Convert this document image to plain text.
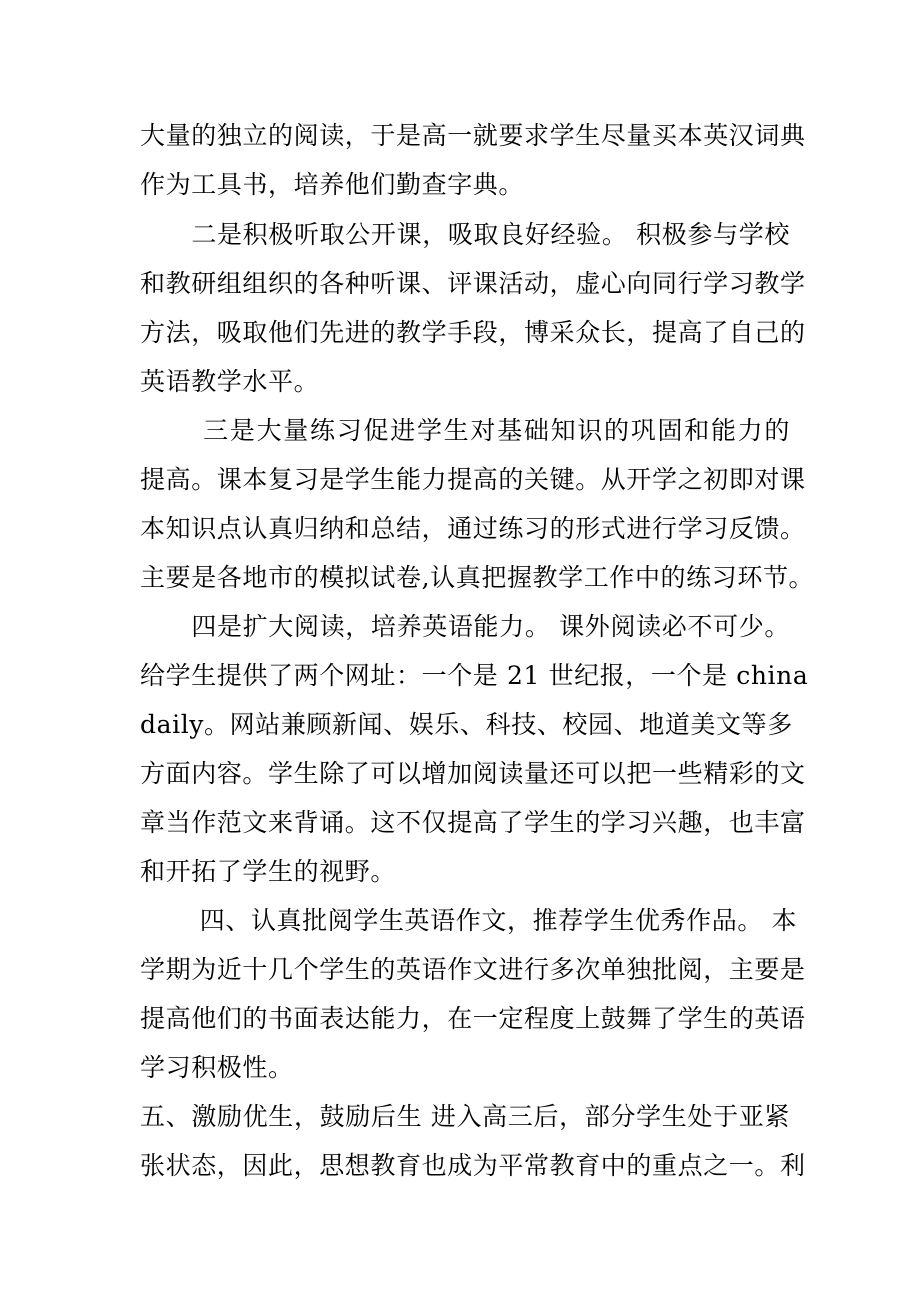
大量的独立的阅读，于是高一就要求学生尽量买本英汉词典
作为工具书，培养他们勤查字典。
　　二是积极听取公开课，吸取良好经验。 积极参与学校
和教研组组织的各种听课、评课活动，虚心向同行学习教学
方法，吸取他们先进的教学手段，博采众长，提高了自己的
英语教学水平。
　　 三是大量练习促进学生对基础知识的巩固和能力的
提高。课本复习是学生能力提高的关键。从开学之初即对课
本知识点认真归纳和总结，通过练习的形式进行学习反馈。
主要是各地市的模拟试卷,认真把握教学工作中的练习环节。
　　四是扩大阅读，培养英语能力。 课外阅读必不可少。
给学生提供了两个网址：一个是 21 世纪报，一个是 china
daily。网站兼顾新闻、娱乐、科技、校园、地道美文等多
方面内容。学生除了可以增加阅读量还可以把一些精彩的文
章当作范文来背诵。这不仅提高了学生的学习兴趣，也丰富
和开拓了学生的视野。
　　 四、认真批阅学生英语作文，推荐学生优秀作品。 本
学期为近十几个学生的英语作文进行多次单独批阅，主要是
提高他们的书面表达能力，在一定程度上鼓舞了学生的英语
学习积极性。
五、激励优生，鼓励后生 进入高三后，部分学生处于亚紧
张状态，因此，思想教育也成为平常教育中的重点之一。利
